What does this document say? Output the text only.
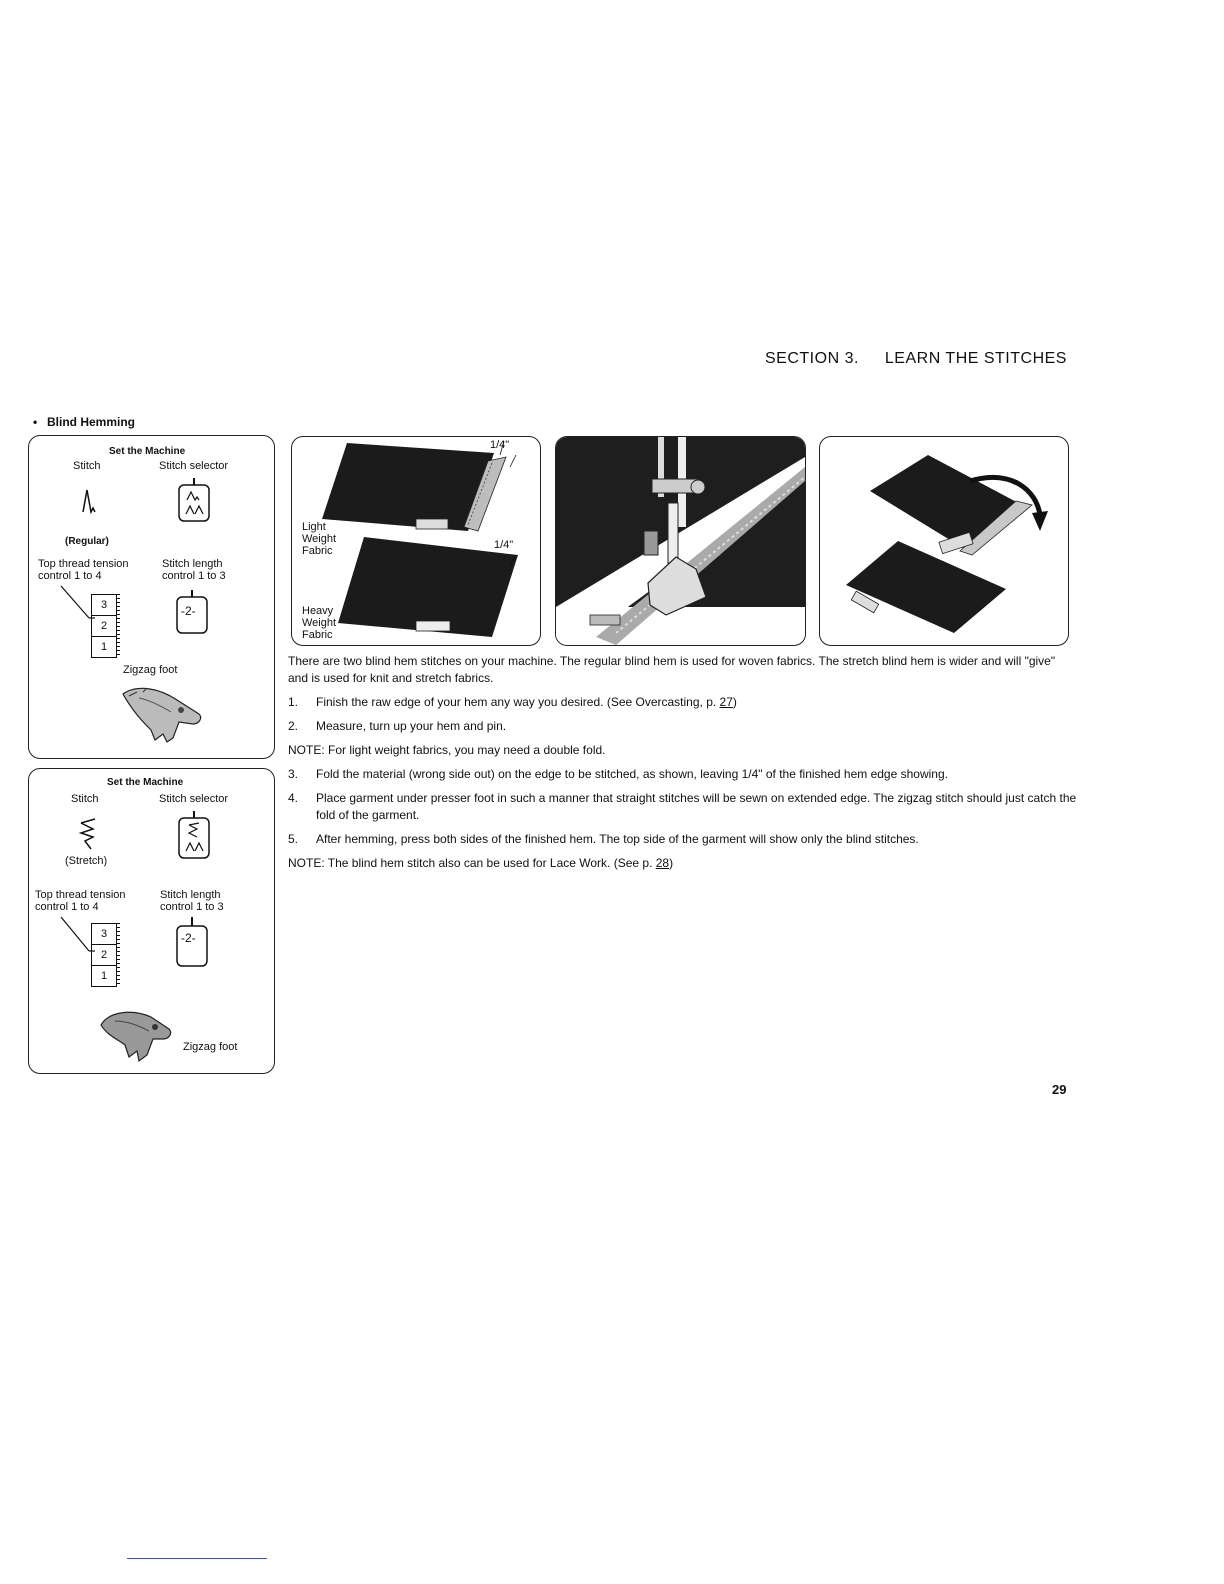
SECTION 3. LEARN THE STITCHES
• Blind Hemming
Set the Machine
Stitch	Stitch selector
(Regular)
Top thread tension
control 1 to 4
Stitch length
control 1 to 3
3
2
1
-2-
Zigzag foot
Set the Machine
Stitch	Stitch selector
(Stretch)
Top thread tension
control 1 to 4
Stitch length
control 1 to 3
3
2
1
-2-
Zigzag foot
1/4"
Light
Weight
Fabric	1/4"
Heavy
Weight
Fabric

There are two blind hem stitches on your machine. The regular blind hem is used for woven fabrics. The stretch blind hem is wider and will "give" and is used for knit and stretch fabrics.

1. Finish the raw edge of your hem any way you desired. (See Overcasting, p. 27)
2. Measure, turn up your hem and pin.

NOTE: For light weight fabrics, you may need a double fold.

3. Fold the material (wrong side out) on the edge to be stitched, as shown, leaving 1/4" of the finished hem edge showing.
4. Place garment under presser foot in such a manner that straight stitches will be sewn on extended edge. The zigzag stitch should just catch the fold of the garment.
5. After hemming, press both sides of the finished hem. The top side of the garment will show only the blind stitches.

NOTE: The blind hem stitch also can be used for Lace Work. (See p. 28)

29
